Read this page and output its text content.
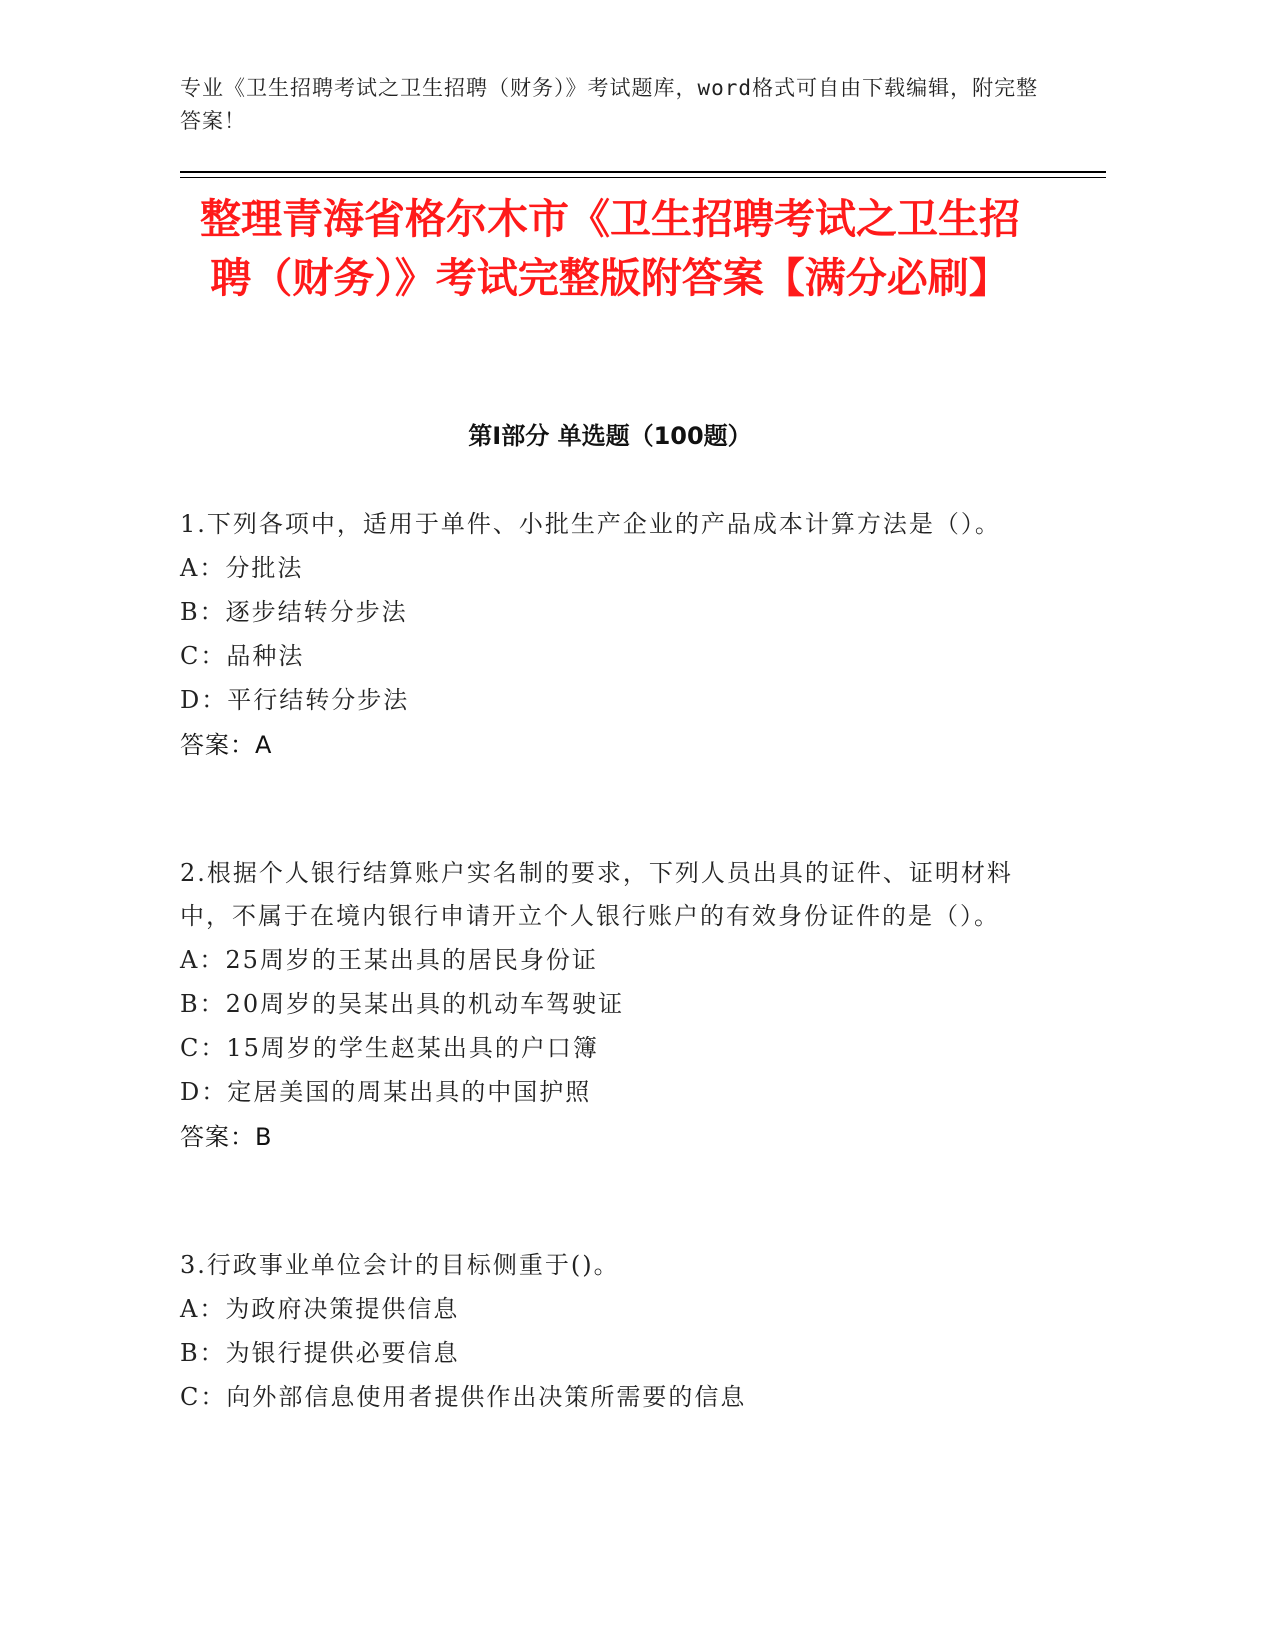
专业《卫生招聘考试之卫生招聘（财务）》考试题库，word格式可自由下载编辑，附完整答案！
整理青海省格尔木市《卫生招聘考试之卫生招聘（财务）》考试完整版附答案【满分必刷】
第Ⅰ部分 单选题（100题）
1.下列各项中，适用于单件、小批生产企业的产品成本计算方法是（）。
A：分批法
B：逐步结转分步法
C：品种法
D：平行结转分步法
答案：A
2.根据个人银行结算账户实名制的要求，下列人员出具的证件、证明材料中，不属于在境内银行申请开立个人银行账户的有效身份证件的是（）。
A：25周岁的王某出具的居民身份证
B：20周岁的吴某出具的机动车驾驶证
C：15周岁的学生赵某出具的户口簿
D：定居美国的周某出具的中国护照
答案：B
3.行政事业单位会计的目标侧重于()。
A：为政府决策提供信息
B：为银行提供必要信息
C：向外部信息使用者提供作出决策所需要的信息
